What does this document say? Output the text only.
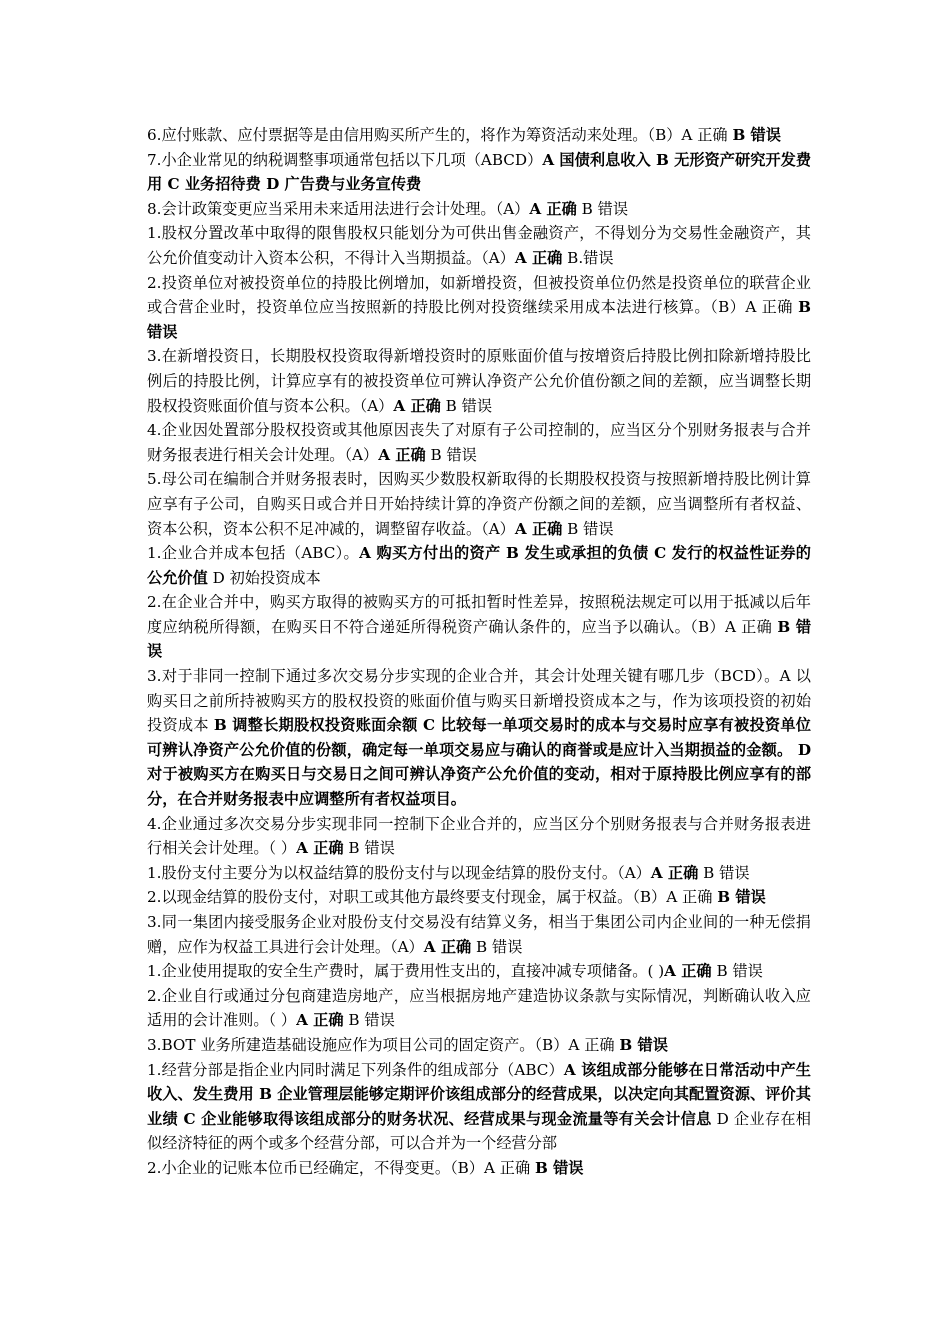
6.应付账款、应付票据等是由信用购买所产生的，将作为筹资活动来处理。（B）A 正确 B 错误
7.小企业常见的纳税调整事项通常包括以下几项（ABCD）A 国债利息收入 B 无形资产研究开发费用 C 业务招待费 D 广告费与业务宣传费
8.会计政策变更应当采用未来适用法进行会计处理。（A）A 正确 B 错误
1.股权分置改革中取得的限售股权只能划分为可供出售金融资产，不得划分为交易性金融资产，其公允价值变动计入资本公积，不得计入当期损益。（A）A 正确 B.错误
2.投资单位对被投资单位的持股比例增加，如新增投资，但被投资单位仍然是投资单位的联营企业或合营企业时，投资单位应当按照新的持股比例对投资继续采用成本法进行核算。（B）A 正确 B 错误
3.在新增投资日，长期股权投资取得新增投资时的原账面价值与按增资后持股比例扣除新增持股比例后的持股比例，计算应享有的被投资单位可辨认净资产公允价值份额之间的差额，应当调整长期股权投资账面价值与资本公积。（A）A 正确 B 错误
4.企业因处置部分股权投资或其他原因丧失了对原有子公司控制的，应当区分个别财务报表与合并财务报表进行相关会计处理。（A）A 正确 B 错误
5.母公司在编制合并财务报表时，因购买少数股权新取得的长期股权投资与按照新增持股比例计算应享有子公司，自购买日或合并日开始持续计算的净资产份额之间的差额，应当调整所有者权益、资本公积，资本公积不足冲减的，调整留存收益。（A）A 正确 B 错误
1.企业合并成本包括（ABC）。A 购买方付出的资产 B 发生或承担的负债 C 发行的权益性证券的公允价值 D 初始投资成本
2.在企业合并中，购买方取得的被购买方的可抵扣暂时性差异，按照税法规定可以用于抵减以后年度应纳税所得额，在购买日不符合递延所得税资产确认条件的，应当予以确认。（B）A 正确 B 错误
3.对于非同一控制下通过多次交易分步实现的企业合并，其会计处理关键有哪几步（BCD）。A 以购买日之前所持被购买方的股权投资的账面价值与购买日新增投资成本之与，作为该项投资的初始投资成本 B 调整长期股权投资账面余额 C 比较每一单项交易时的成本与交易时应享有被投资单位可辨认净资产公允价值的份额，确定每一单项交易应与确认的商誉或是应计入当期损益的金额。 D 对于被购买方在购买日与交易日之间可辨认净资产公允价值的变动，相对于原持股比例应享有的部分，在合并财务报表中应调整所有者权益项目。
4.企业通过多次交易分步实现非同一控制下企业合并的，应当区分个别财务报表与合并财务报表进行相关会计处理。（ ）A 正确 B 错误
1.股份支付主要分为以权益结算的股份支付与以现金结算的股份支付。（A）A 正确 B 错误
2.以现金结算的股份支付，对职工或其他方最终要支付现金，属于权益。（B）A 正确 B 错误
3.同一集团内接受服务企业对股份支付交易没有结算义务，相当于集团公司内企业间的一种无偿捐赠，应作为权益工具进行会计处理。（A）A 正确 B 错误
1.企业使用提取的安全生产费时，属于费用性支出的，直接冲减专项储备。( )A 正确 B 错误
2.企业自行或通过分包商建造房地产，应当根据房地产建造协议条款与实际情况，判断确认收入应适用的会计准则。（ ）A 正确 B 错误
3.BOT 业务所建造基础设施应作为项目公司的固定资产。（B）A 正确 B 错误
1.经营分部是指企业内同时满足下列条件的组成部分（ABC）A 该组成部分能够在日常活动中产生收入、发生费用 B 企业管理层能够定期评价该组成部分的经营成果，以决定向其配置资源、评价其业绩 C 企业能够取得该组成部分的财务状况、经营成果与现金流量等有关会计信息 D 企业存在相似经济特征的两个或多个经营分部，可以合并为一个经营分部
2.小企业的记账本位币已经确定，不得变更。（B）A 正确 B 错误
